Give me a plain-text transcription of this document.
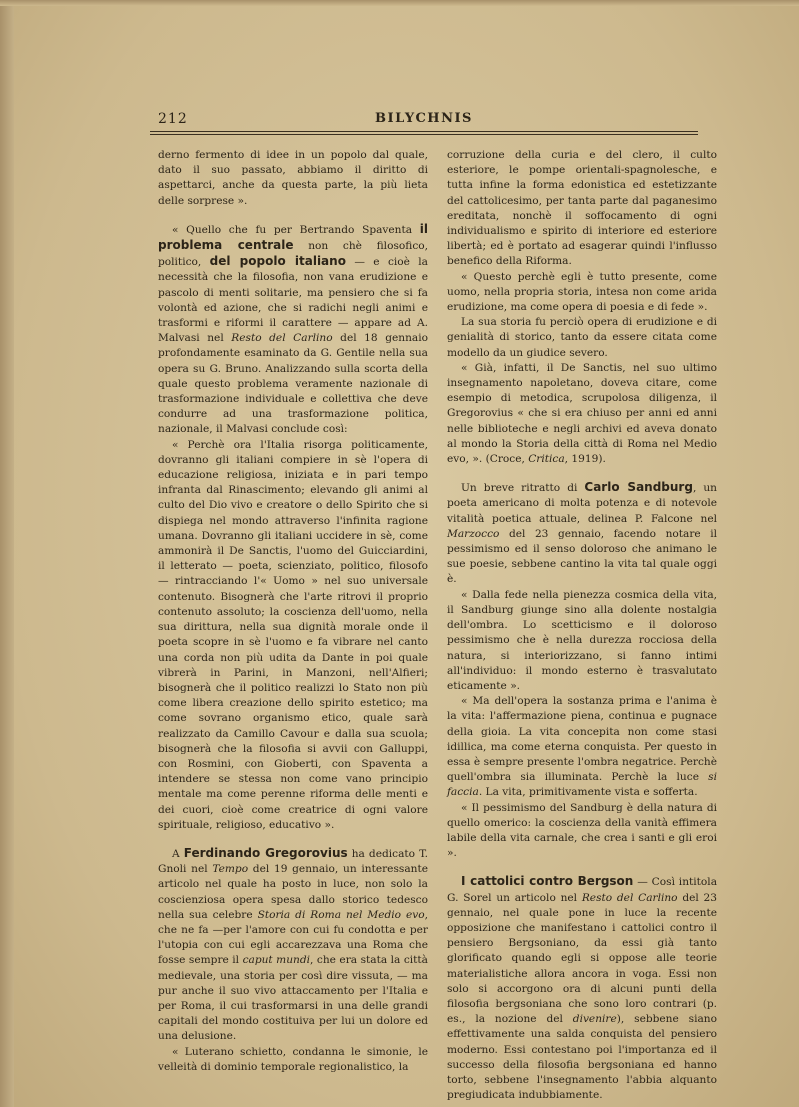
212	BILYCHNIS

derno fermento di idee in un popolo dal quale, dato il suo passato, abbiamo il diritto di aspettarci, anche da questa parte, la più lieta delle sorprese ».

« Quello che fu per Bertrando Spaventa il problema centrale non chè filosofico, politico, del popolo italiano — e cioè la necessità che la filosofia, non vana erudizione e pascolo di menti solitarie, ma pensiero che si fa volontà ed azione, che si radichi negli animi e trasformi e riformi il carattere — appare ad A. Malvasi nel Resto del Carlino del 18 gennaio profondamente esaminato da G. Gentile nella sua opera su G. Bruno. Analizzando sulla scorta della quale questo problema veramente nazionale di trasformazione individuale e collettiva che deve condurre ad una trasformazione politica, nazionale, il Malvasi conclude così:

« Perchè ora l'Italia risorga politicamente, dovranno gli italiani compiere in sè l'opera di educazione religiosa, iniziata e in pari tempo infranta dal Rinascimento; elevando gli animi al culto del Dio vivo e creatore o dello Spirito che si dispiega nel mondo attraverso l'infinita ragione umana. Dovranno gli italiani uccidere in sè, come ammonirà il De Sanctis, l'uomo del Guicciardini, il letterato — poeta, scienziato, politico, filosofo — rintracciando l'« Uomo » nel suo universale contenuto. Bisognerà che l'arte ritrovi il proprio contenuto assoluto; la coscienza dell'uomo, nella sua dirittura, nella sua dignità morale onde il poeta scopre in sè l'uomo e fa vibrare nel canto una corda non più udita da Dante in poi quale vibrerà in Parini, in Manzoni, nell'Alfieri; bisognerà che il politico realizzi lo Stato non più come libera creazione dello spirito estetico; ma come sovrano organismo etico, quale sarà realizzato da Camillo Cavour e dalla sua scuola; bisognerà che la filosofia si avvii con Galluppi, con Rosmini, con Gioberti, con Spaventa a intendere se stessa non come vano principio mentale ma come perenne riforma delle menti e dei cuori, cioè come creatrice di ogni valore spirituale, religioso, educativo ».

A Ferdinando Gregorovius ha dedicato T. Gnoli nel Tempo del 19 gennaio, un interessante articolo nel quale ha posto in luce, non solo la coscienziosa opera spesa dallo storico tedesco nella sua celebre Storia di Roma nel Medio evo, che ne fa —per l'amore con cui fu condotta e per l'utopia con cui egli accarezzava una Roma che fosse sempre il caput mundi, che era stata la città medievale, una storia per così dire vissuta, — ma pur anche il suo vivo attaccamento per l'Italia e per Roma, il cui trasformarsi in una delle grandi capitali del mondo costituiva per lui un dolore ed una delusione.

« Luterano schietto, condanna le simonie, le velleità di dominio temporale regionalistico, la

corruzione della curia e del clero, il culto esteriore, le pompe orientali-spagnolesche, e tutta infine la forma edonistica ed estetizzante del cattolicesimo, per tanta parte dal paganesimo ereditata, nonchè il soffocamento di ogni individualismo e spirito di interiore ed esteriore libertà; ed è portato ad esagerar quindi l'influsso benefico della Riforma.

« Questo perchè egli è tutto presente, come uomo, nella propria storia, intesa non come arida erudizione, ma come opera di poesia e di fede ».

La sua storia fu perciò opera di erudizione e di genialità di storico, tanto da essere citata come modello da un giudice severo.

« Già, infatti, il De Sanctis, nel suo ultimo insegnamento napoletano, doveva citare, come esempio di metodica, scrupolosa diligenza, il Gregorovius « che si era chiuso per anni ed anni nelle biblioteche e negli archivi ed aveva donato al mondo la Storia della città di Roma nel Medio evo, ». (Croce, Critica, 1919).

Un breve ritratto di Carlo Sandburg, un poeta americano di molta potenza e di notevole vitalità poetica attuale, delinea P. Falcone nel Marzocco del 23 gennaio, facendo notare il pessimismo ed il senso doloroso che animano le sue poesie, sebbene cantino la vita tal quale oggi è.

« Dalla fede nella pienezza cosmica della vita, il Sandburg giunge sino alla dolente nostalgia dell'ombra. Lo scetticismo e il doloroso pessimismo che è nella durezza rocciosa della natura, si interiorizzano, si fanno intimi all'individuo: il mondo esterno è trasvalutato eticamente ».

« Ma dell'opera la sostanza prima e l'anima è la vita: l'affermazione piena, continua e pugnace della gioia. La vita concepita non come stasi idillica, ma come eterna conquista. Per questo in essa è sempre presente l'ombra negatrice. Perchè quell'ombra sia illuminata. Perchè la luce si faccia. La vita, primitivamente vista e sofferta.

« Il pessimismo del Sandburg è della natura di quello omerico: la coscienza della vanità effimera labile della vita carnale, che crea i santi e gli eroi ».

I cattolici contro Bergson — Così intitola G. Sorel un articolo nel Resto del Carlino del 23 gennaio, nel quale pone in luce la recente opposizione che manifestano i cattolici contro il pensiero Bergsoniano, da essi già tanto glorificato quando egli si oppose alle teorie materialistiche allora ancora in voga. Essi non solo si accorgono ora di alcuni punti della filosofia bergsoniana che sono loro contrari (p. es., la nozione del divenire), sebbene siano effettivamente una salda conquista del pensiero moderno. Essi contestano poi l'importanza ed il successo della filosofia bergsoniana ed hanno torto, sebbene l'insegnamento l'abbia alquanto pregiudicata indubbiamente.
